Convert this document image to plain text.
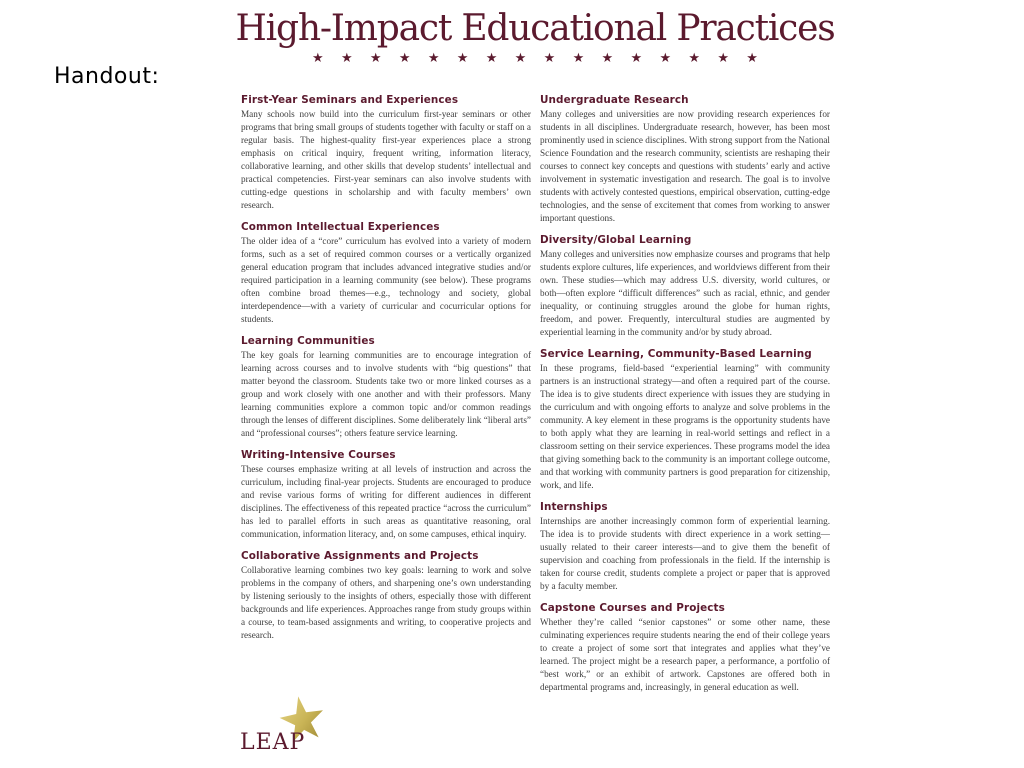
Handout:
High-Impact Educational Practices
★ ★ ★ ★ ★ ★ ★ ★ ★ ★ ★ ★ ★ ★ ★ ★
First-Year Seminars and Experiences

Many schools now build into the curriculum first-year seminars or other programs that bring small groups of students together with faculty or staff on a regular basis. The highest-quality first-year experiences place a strong emphasis on critical inquiry, frequent writing, information literacy, collaborative learning, and other skills that develop students’ intellectual and practical competencies. First-year seminars can also involve students with cutting-edge questions in scholarship and with faculty members’ own research.

Common Intellectual Experiences

The older idea of a “core” curriculum has evolved into a variety of modern forms, such as a set of required common courses or a vertically organized general education program that includes advanced integrative studies and/or required participation in a learning community (see below). These programs often combine broad themes—e.g., technology and society, global interdependence—with a variety of curricular and cocurricular options for students.

Learning Communities

The key goals for learning communities are to encourage integration of learning across courses and to involve students with “big questions” that matter beyond the classroom. Students take two or more linked courses as a group and work closely with one another and with their professors. Many learning communities explore a common topic and/or common readings through the lenses of different disciplines. Some deliberately link “liberal arts” and “professional courses”; others feature service learning.

Writing-Intensive Courses

These courses emphasize writing at all levels of instruction and across the curriculum, including final-year projects. Students are encouraged to produce and revise various forms of writing for different audiences in different disciplines. The effectiveness of this repeated practice “across the curriculum” has led to parallel efforts in such areas as quantitative reasoning, oral communication, information literacy, and, on some campuses, ethical inquiry.

Collaborative Assignments and Projects

Collaborative learning combines two key goals: learning to work and solve problems in the company of others, and sharpening one’s own understanding by listening seriously to the insights of others, especially those with different backgrounds and life experiences. Approaches range from study groups within a course, to team-based assignments and writing, to cooperative projects and research.

Undergraduate Research

Many colleges and universities are now providing research experiences for students in all disciplines. Undergraduate research, however, has been most prominently used in science disciplines. With strong support from the National Science Foundation and the research community, scientists are reshaping their courses to connect key concepts and questions with students’ early and active involvement in systematic investigation and research. The goal is to involve students with actively contested questions, empirical observation, cutting-edge technologies, and the sense of excitement that comes from working to answer important questions.

Diversity/Global Learning

Many colleges and universities now emphasize courses and programs that help students explore cultures, life experiences, and worldviews different from their own. These studies—which may address U.S. diversity, world cultures, or both—often explore “difficult differences” such as racial, ethnic, and gender inequality, or continuing struggles around the globe for human rights, freedom, and power. Frequently, intercultural studies are augmented by experiential learning in the community and/or by study abroad.

Service Learning, Community-Based Learning

In these programs, field-based “experiential learning” with community partners is an instructional strategy—and often a required part of the course. The idea is to give students direct experience with issues they are studying in the curriculum and with ongoing efforts to analyze and solve problems in the community. A key element in these programs is the opportunity students have to both apply what they are learning in real-world settings and reflect in a classroom setting on their service experiences. These programs model the idea that giving something back to the community is an important college outcome, and that working with community partners is good preparation for citizenship, work, and life.

Internships

Internships are another increasingly common form of experiential learning. The idea is to provide students with direct experience in a work setting—usually related to their career interests—and to give them the benefit of supervision and coaching from professionals in the field. If the internship is taken for course credit, students complete a project or paper that is approved by a faculty member.

Capstone Courses and Projects

Whether they’re called “senior capstones” or some other name, these culminating experiences require students nearing the end of their college years to create a project of some sort that integrates and applies what they’ve learned. The project might be a research paper, a performance, a portfolio of “best work,” or an exhibit of artwork. Capstones are offered both in departmental programs and, increasingly, in general education as well.

LEAP
